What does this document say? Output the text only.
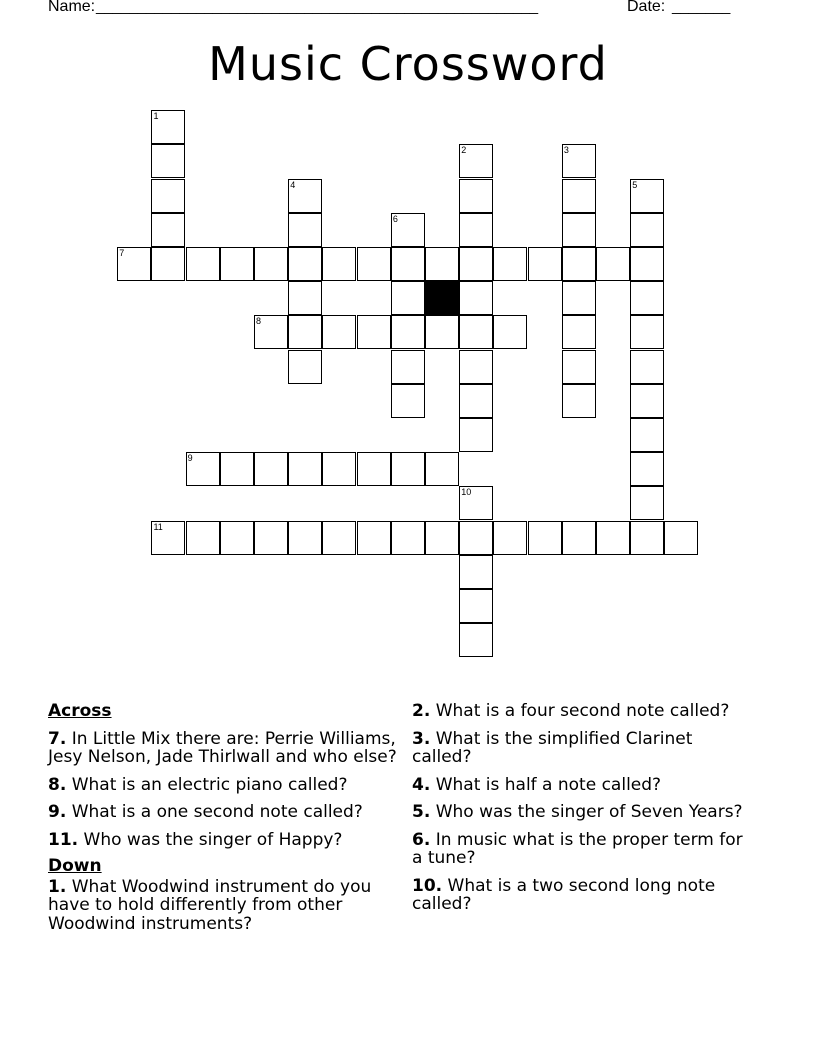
Name: _____________________________________________________	Date: _______
Music Crossword
1
2	3
4	5
6
7
8
9
10
11
Across
7. In Little Mix there are: Perrie Williams, Jesy Nelson, Jade Thirlwall and who else?
8. What is an electric piano called?
9. What is a one second note called?
11. Who was the singer of Happy?
Down
1. What Woodwind instrument do you have to hold differently from other Woodwind instruments?
2. What is a four second note called?
3. What is the simplified Clarinet called?
4. What is half a note called?
5. Who was the singer of Seven Years?
6. In music what is the proper term for a tune?
10. What is a two second long note called?
